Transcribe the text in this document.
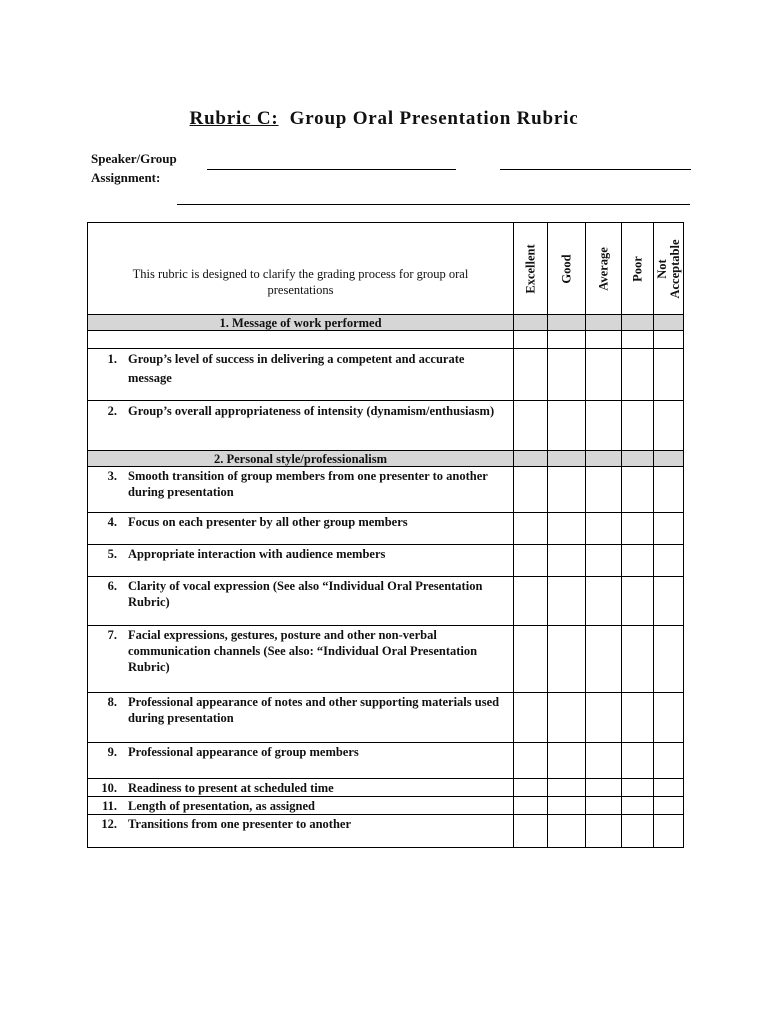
Rubric C: Group Oral Presentation Rubric
Speaker/Group
Assignment:
This rubric is designed to clarify the grading process for group oral presentations	Excellent	Good	Average	Poor	Not Acceptable

1. Message of work performed					

1. Group’s level of success in delivering a competent and accurate message					

2. Group’s overall appropriateness of intensity (dynamism/enthusiasm)					

2. Personal style/professionalism					

3. Smooth transition of group members from one presenter to another during presentation					

4. Focus on each presenter by all other group members					

5. Appropriate interaction with audience members					

6. Clarity of vocal expression (See also “Individual Oral Presentation Rubric)					

7. Facial expressions, gestures, posture and other non-verbal communication channels (See also: “Individual Oral Presentation Rubric)					

8. Professional appearance of notes and other supporting materials used during presentation					

9. Professional appearance of group members					

10. Readiness to present at scheduled time					

11. Length of presentation, as assigned					

12. Transitions from one presenter to another					
